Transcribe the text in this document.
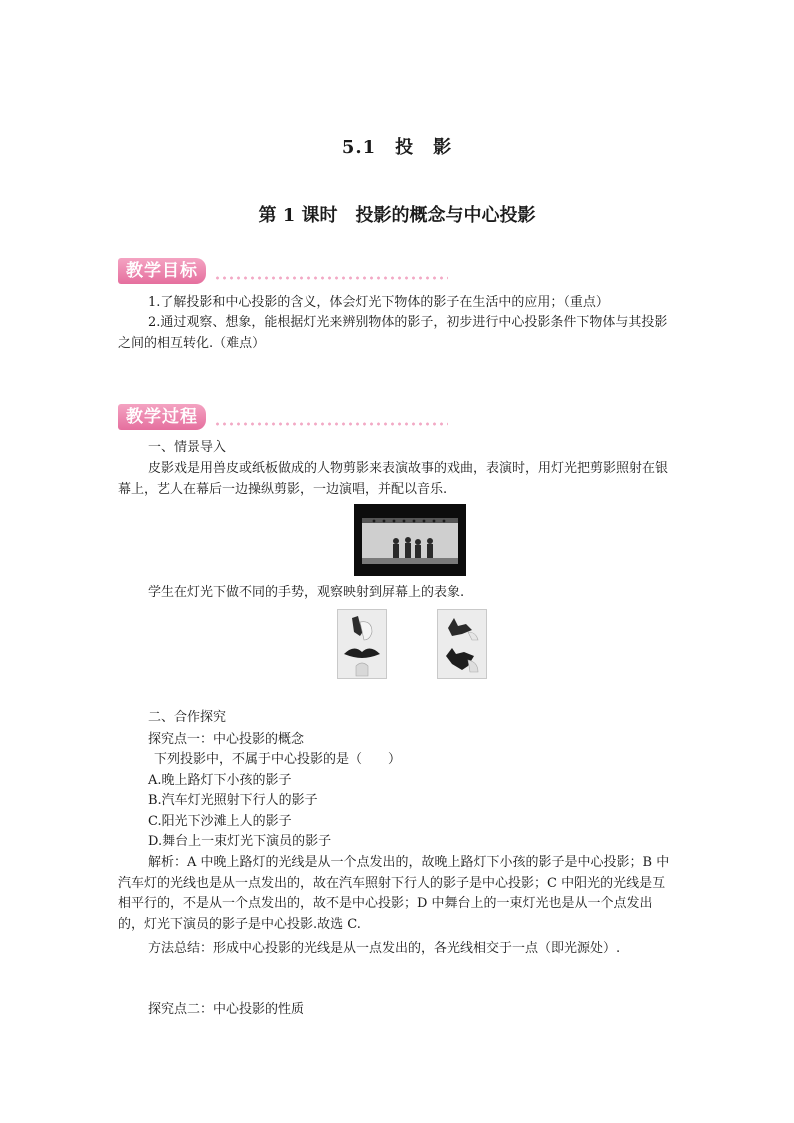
5.1　投　影
第 1 课时　投影的概念与中心投影
教学目标
1.了解投影和中心投影的含义，体会灯光下物体的影子在生活中的应用；（重点）
2.通过观察、想象，能根据灯光来辨别物体的影子，初步进行中心投影条件下物体与其投影之间的相互转化.（难点）
教学过程
一、情景导入
皮影戏是用兽皮或纸板做成的人物剪影来表演故事的戏曲，表演时，用灯光把剪影照射在银幕上，艺人在幕后一边操纵剪影，一边演唱，并配以音乐.
学生在灯光下做不同的手势，观察映射到屏幕上的表象.
二、合作探究
探究点一：中心投影的概念
下列投影中，不属于中心投影的是（　　）
A.晚上路灯下小孩的影子
B.汽车灯光照射下行人的影子
C.阳光下沙滩上人的影子
D.舞台上一束灯光下演员的影子
解析：A 中晚上路灯的光线是从一个点发出的，故晚上路灯下小孩的影子是中心投影；B 中汽车灯的光线也是从一点发出的，故在汽车照射下行人的影子是中心投影；C 中阳光的光线是互相平行的，不是从一个点发出的，故不是中心投影；D 中舞台上的一束灯光也是从一个点发出的，灯光下演员的影子是中心投影.故选 C.
方法总结：形成中心投影的光线是从一点发出的，各光线相交于一点（即光源处）.
探究点二：中心投影的性质
